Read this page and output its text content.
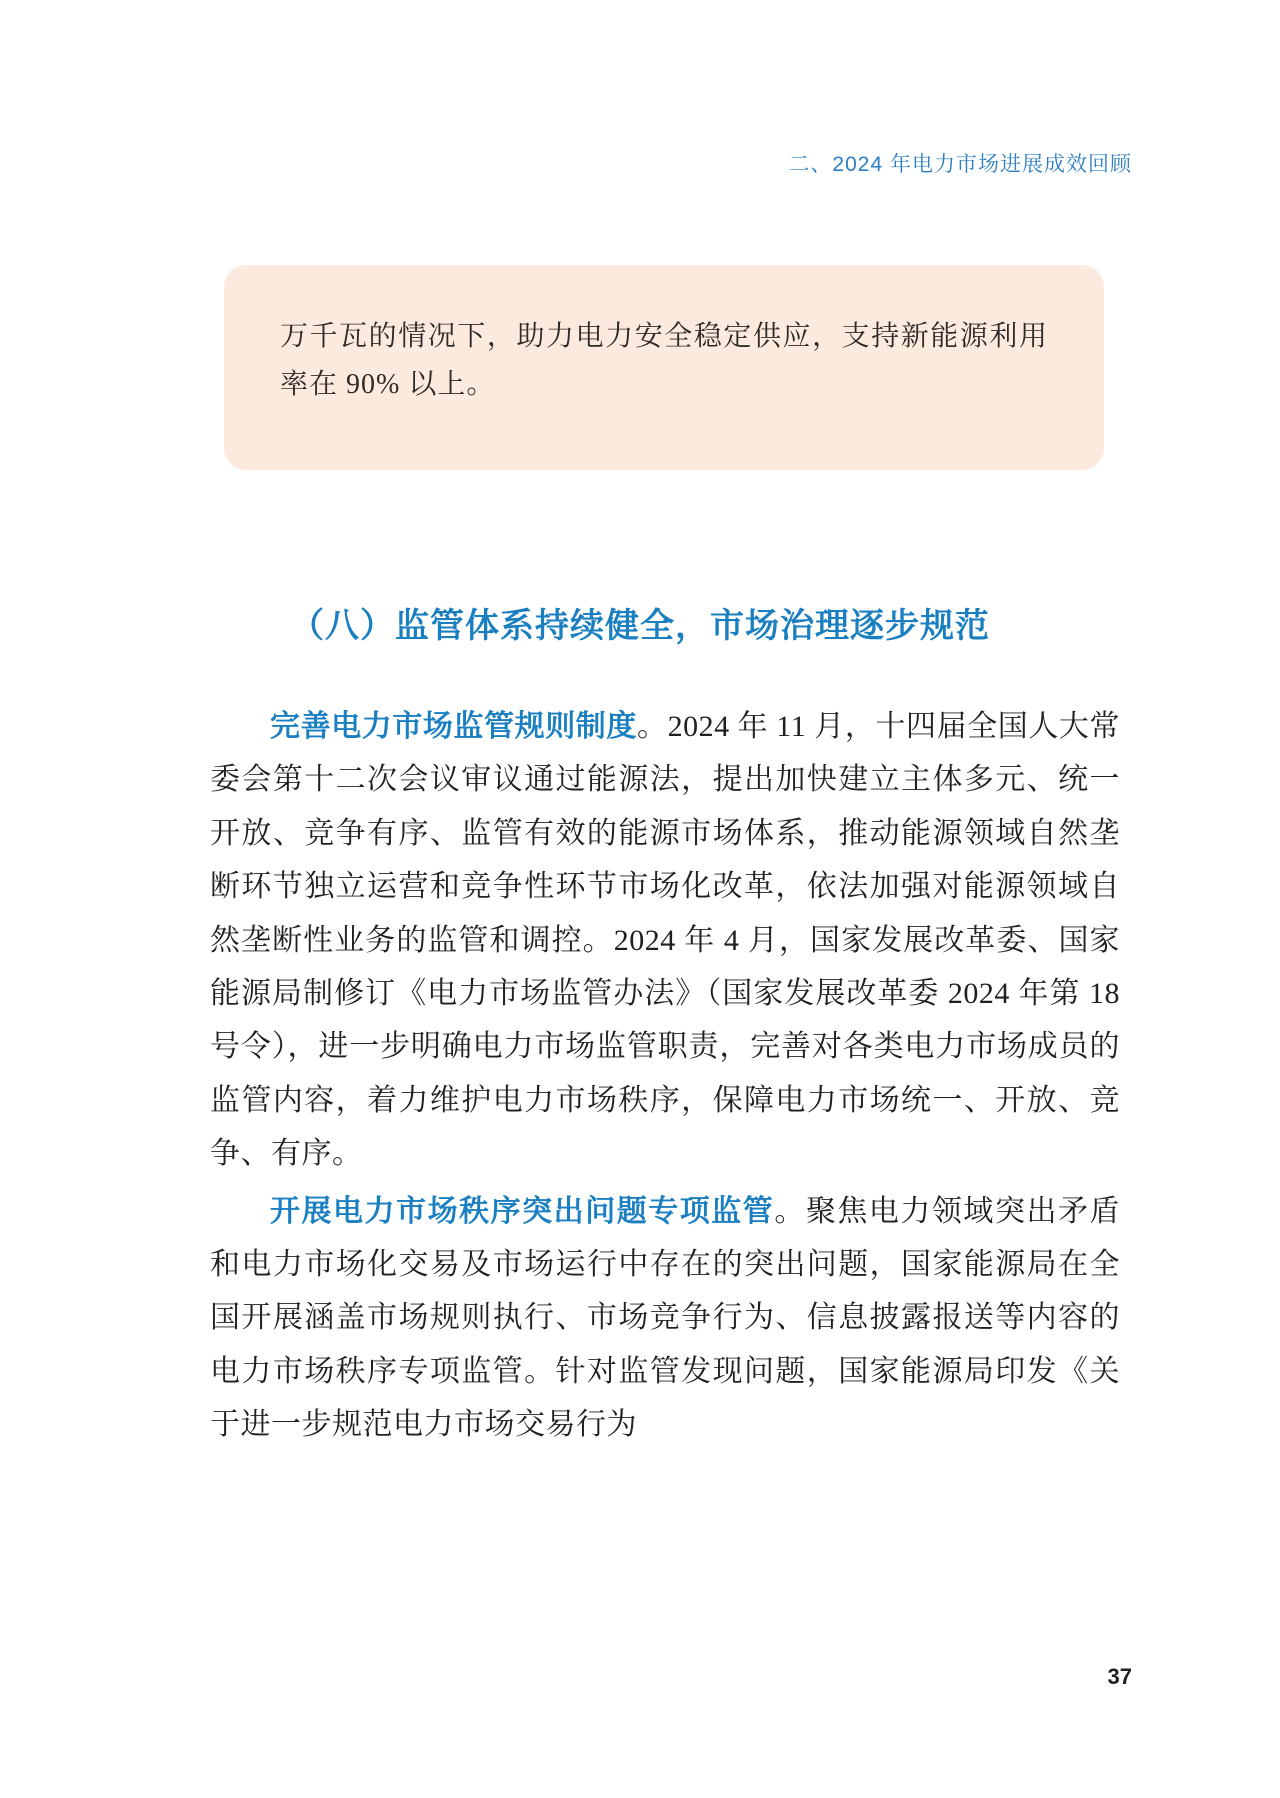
二、2024 年电力市场进展成效回顾

万千瓦的情况下，助力电力安全稳定供应，支持新能源利用率在 90% 以上。

（八）监管体系持续健全，市场治理逐步规范

完善电力市场监管规则制度。2024 年 11 月，十四届全国人大常委会第十二次会议审议通过能源法，提出加快建立主体多元、统一开放、竞争有序、监管有效的能源市场体系，推动能源领域自然垄断环节独立运营和竞争性环节市场化改革，依法加强对能源领域自然垄断性业务的监管和调控。2024 年 4 月，国家发展改革委、国家能源局制修订《电力市场监管办法》（国家发展改革委 2024 年第 18 号令），进一步明确电力市场监管职责，完善对各类电力市场成员的监管内容，着力维护电力市场秩序，保障电力市场统一、开放、竞争、有序。

开展电力市场秩序突出问题专项监管。聚焦电力领域突出矛盾和电力市场化交易及市场运行中存在的突出问题，国家能源局在全国开展涵盖市场规则执行、市场竞争行为、信息披露报送等内容的电力市场秩序专项监管。针对监管发现问题，国家能源局印发《关于进一步规范电力市场交易行为

37
